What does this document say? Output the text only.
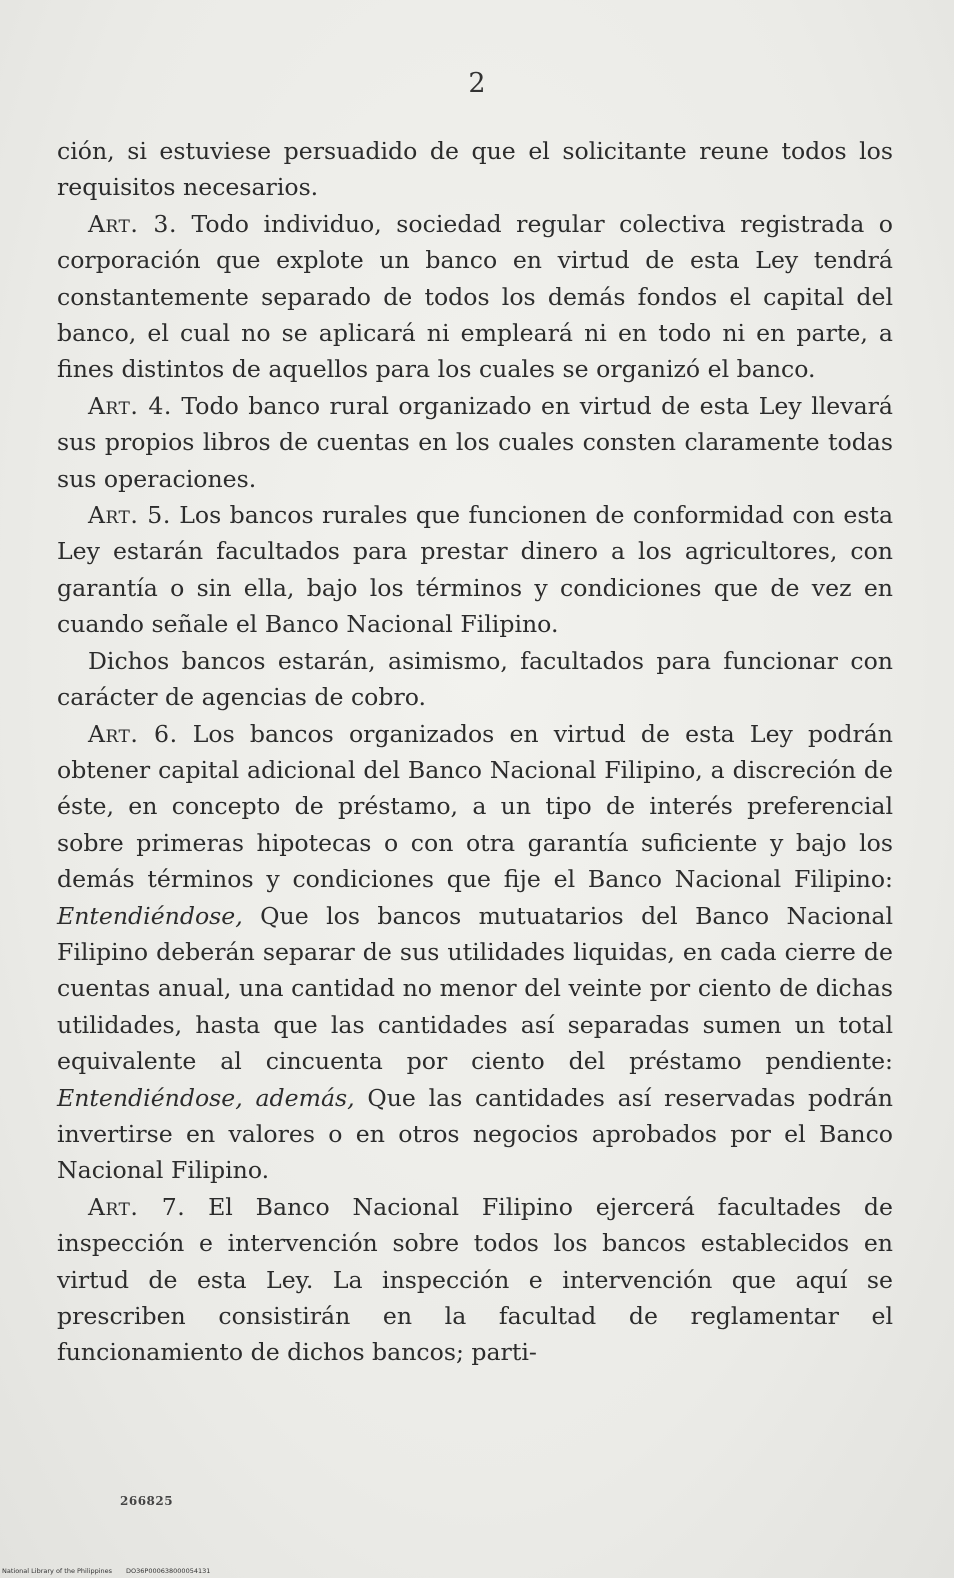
2

ción, si estuviese persuadido de que el solicitante reune todos los requisitos necesarios.

Art. 3. Todo individuo, sociedad regular colectiva registrada o corporación que explote un banco en virtud de esta Ley tendrá constantemente separado de todos los demás fondos el capital del banco, el cual no se aplicará ni empleará ni en todo ni en parte, a fines distintos de aquellos para los cuales se organizó el banco.

Art. 4. Todo banco rural organizado en virtud de esta Ley llevará sus propios libros de cuentas en los cuales consten claramente todas sus operaciones.

Art. 5. Los bancos rurales que funcionen de conformidad con esta Ley estarán facultados para prestar dinero a los agricultores, con garantía o sin ella, bajo los términos y condiciones que de vez en cuando señale el Banco Nacional Filipino.

Dichos bancos estarán, asimismo, facultados para funcionar con carácter de agencias de cobro.

Art. 6. Los bancos organizados en virtud de esta Ley podrán obtener capital adicional del Banco Nacional Filipino, a discreción de éste, en concepto de préstamo, a un tipo de interés preferencial sobre primeras hipotecas o con otra garantía suficiente y bajo los demás términos y condiciones que fije el Banco Nacional Filipino: Entendiéndose, Que los bancos mutuatarios del Banco Nacional Filipino deberán separar de sus utilidades liquidas, en cada cierre de cuentas anual, una cantidad no menor del veinte por ciento de dichas utilidades, hasta que las cantidades así separadas sumen un total equivalente al cincuenta por ciento del préstamo pendiente: Entendiéndose, además, Que las cantidades así reservadas podrán invertirse en valores o en otros negocios aprobados por el Banco Nacional Filipino.

Art. 7. El Banco Nacional Filipino ejercerá facultades de inspección e intervención sobre todos los bancos establecidos en virtud de esta Ley. La inspección e intervención que aquí se prescriben consistirán en la facultad de reglamentar el funcionamiento de dichos bancos; parti-

266825
National Library of the Philippines DO36P000638000054131
